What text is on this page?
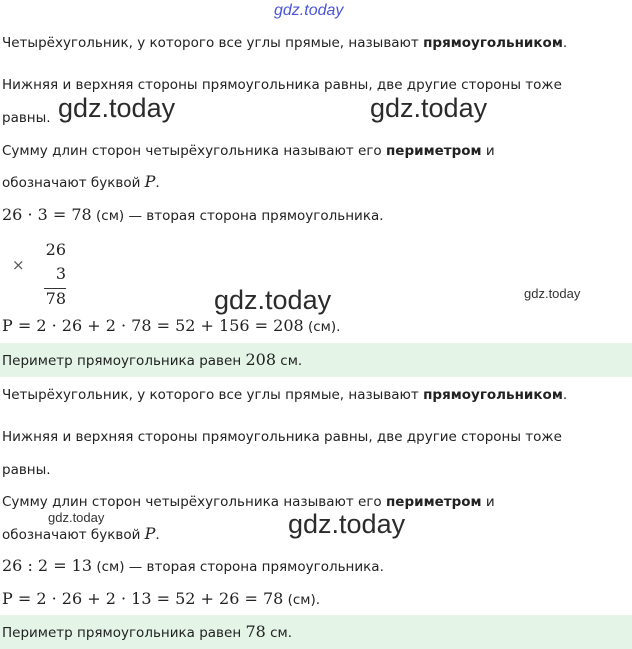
gdz.today
Четырёхугольник, у которого все углы прямые, называют прямоугольником.
Нижняя и верхняя стороны прямоугольника равны, две другие стороны тоже
равны. gdz.today	gdz.today
Сумму длин сторон четырёхугольника называют его периметром и
обозначают буквой P.
26 · 3 = 78 (см) — вторая сторона прямоугольника.
×
26
3
78	gdz.today	gdz.today
P = 2 · 26 + 2 · 78 = 52 + 156 = 208 (см).
Периметр прямоугольника равен 208 см.
Четырёхугольник, у которого все углы прямые, называют прямоугольником.
Нижняя и верхняя стороны прямоугольника равны, две другие стороны тоже
равны.
Сумму длин сторон четырёхугольника называют его периметром и
gdz.today	gdz.today
обозначают буквой P.
26 : 2 = 13 (см) — вторая сторона прямоугольника.
P = 2 · 26 + 2 · 13 = 52 + 26 = 78 (см).
Периметр прямоугольника равен 78 см.
